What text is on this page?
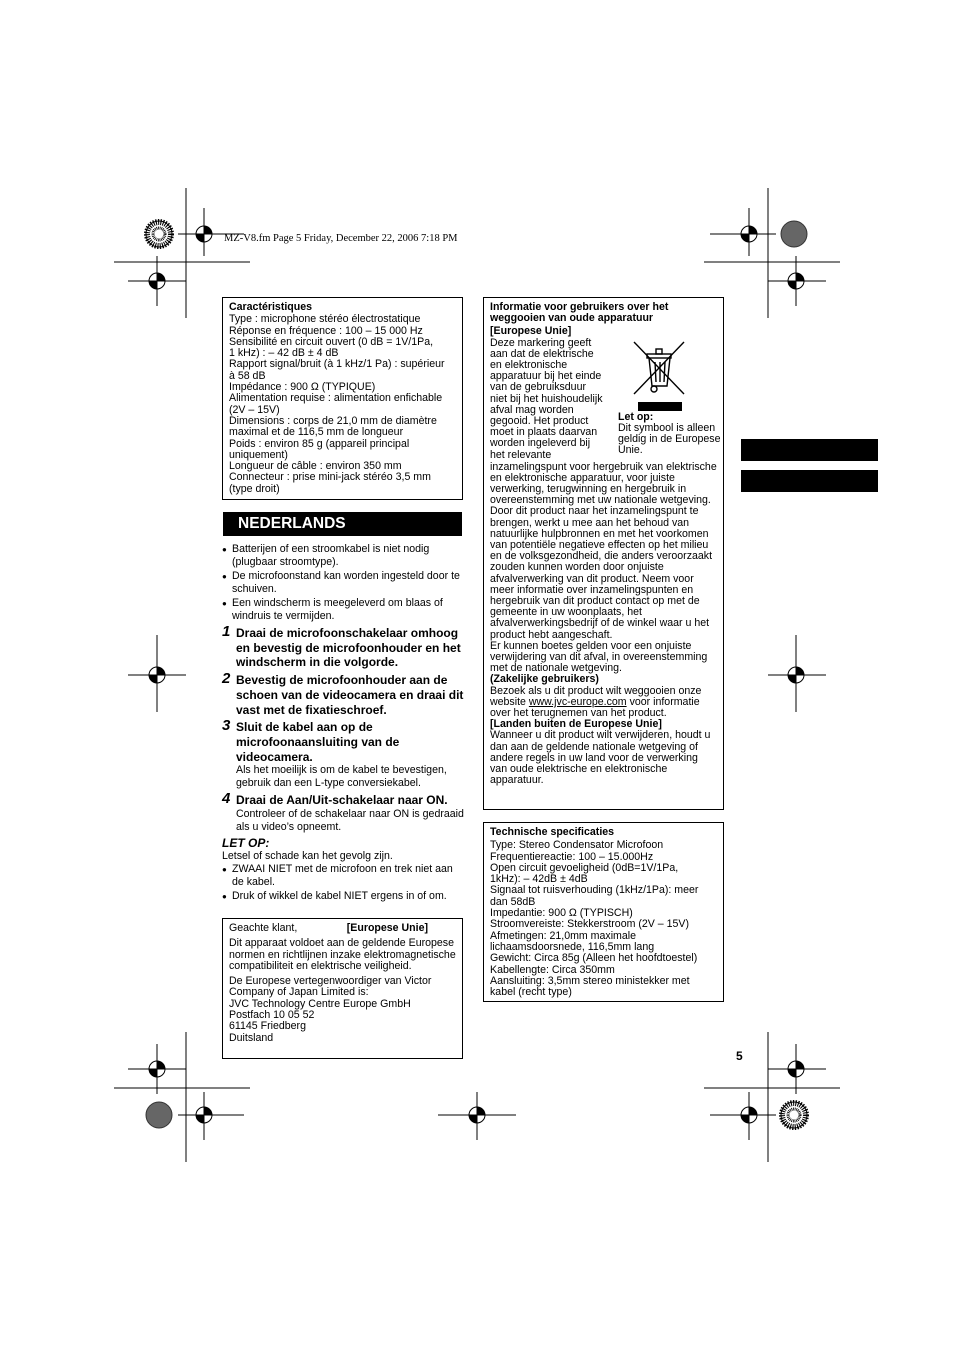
MZ-V8.fm Page 5 Friday, December 22, 2006 7:18 PM

Caractéristiques

Type : microphone stéréo électrostatique

Réponse en fréquence : 100 – 15 000 Hz

Sensibilité en circuit ouvert (0 dB = 1V/1Pa,

1 kHz) : – 42 dB ± 4 dB

Rapport signal/bruit (à 1 kHz/1 Pa) : supérieur

à 58 dB

Impédance : 900 Ω (TYPIQUE)

Alimentation requise : alimentation enfichable

(2V – 15V)

Dimensions : corps de 21,0 mm de diamètre

maximal et de 116,5 mm de longueur

Poids : environ 85 g (appareil principal

uniquement)

Longueur de câble : environ 350 mm

Connecteur : prise mini-jack stéréo 3,5 mm

(type droit)

NEDERLANDS

● Batterijen of een stroomkabel is niet nodig (plugbaar stroomtype).

● De microfoonstand kan worden ingesteld door te schuiven.

● Een windscherm is meegeleverd om blaas of windruis te vermijden.

1 Draai de microfoonschakelaar omhoog en bevestig de microfoonhouder en het windscherm in die volgorde.
2 Bevestig de microfoonhouder aan de schoen van de videocamera en draai dit vast met de fixatieschroef.
3 Sluit de kabel aan op de microfoonaansluiting van de videocamera.
Als het moeilijk is om de kabel te bevestigen, gebruik dan een L-type conversiekabel.
4 Draai de Aan/Uit-schakelaar naar ON.
Controleer of de schakelaar naar ON is gedraaid als u video’s opneemt.
LET OP:

Letsel of schade kan het gevolg zijn.

● ZWAAI NIET met de microfoon en trek niet aan de kabel.

● Druk of wikkel de kabel NIET ergens in of om.

Geachte klant,	[Europese Unie]

Dit apparaat voldoet aan de geldende Europese normen en richtlijnen inzake elektromagnetische compatibiliteit en elektrische veiligheid.

De Europese vertegenwoordiger van Victor

Company of Japan Limited is:

JVC Technology Centre Europe GmbH

Postfach 10 05 52

61145 Friedberg

Duitsland

Informatie voor gebruikers over het

weggooien van oude apparatuur

[Europese Unie]

Deze markering geeft

aan dat de elektrische

en elektronische

apparatuur bij het einde

van de gebruiksduur

niet bij het huishoudelijk

afval mag worden

gegooid. Het product

moet in plaats daarvan

worden ingeleverd bij

het relevante

Let op:

Dit symbool is alleen geldig in de Europese Unie.

inzamelingspunt voor hergebruik van elektrische en elektronische apparatuur, voor juiste verwerking, terugwinning en hergebruik in overeenstemming met uw nationale wetgeving.

Door dit product naar het inzamelingspunt te brengen, werkt u mee aan het behoud van natuurlijke hulpbronnen en met het voorkomen van potentiële negatieve effecten op het milieu en de volksgezondheid, die anders veroorzaakt zouden kunnen worden door onjuiste afvalverwerking van dit product. Neem voor meer informatie over inzamelingspunten en hergebruik van dit product contact op met de gemeente in uw woonplaats, het afvalverwerkingsbedrijf of de winkel waar u het product hebt aangeschaft.

Er kunnen boetes gelden voor een onjuiste verwijdering van dit afval, in overeenstemming met de nationale wetgeving.

(Zakelijke gebruikers)

Bezoek als u dit product wilt weggooien onze website www.jvc-europe.com voor informatie over het terugnemen van het product.

[Landen buiten de Europese Unie]

Wanneer u dit product wilt verwijderen, houdt u dan aan de geldende nationale wetgeving of andere regels in uw land voor de verwerking van oude elektrische en elektronische apparatuur.

Technische specificaties

Type: Stereo Condensator Microfoon

Frequentiereactie: 100 – 15.000Hz

Open circuit gevoeligheid (0dB=1V/1Pa,

1kHz): – 42dB ± 4dB

Signaal tot ruisverhouding (1kHz/1Pa): meer

dan 58dB

Impedantie: 900 Ω (TYPISCH)

Stroomvereiste: Stekkerstroom (2V – 15V)

Afmetingen: 21,0mm maximale

lichaamsdoorsnede, 116,5mm lang

Gewicht: Circa 85g (Alleen het hoofdtoestel)

Kabellengte: Circa 350mm

Aansluiting: 3,5mm stereo ministekker met

kabel (recht type)

5
